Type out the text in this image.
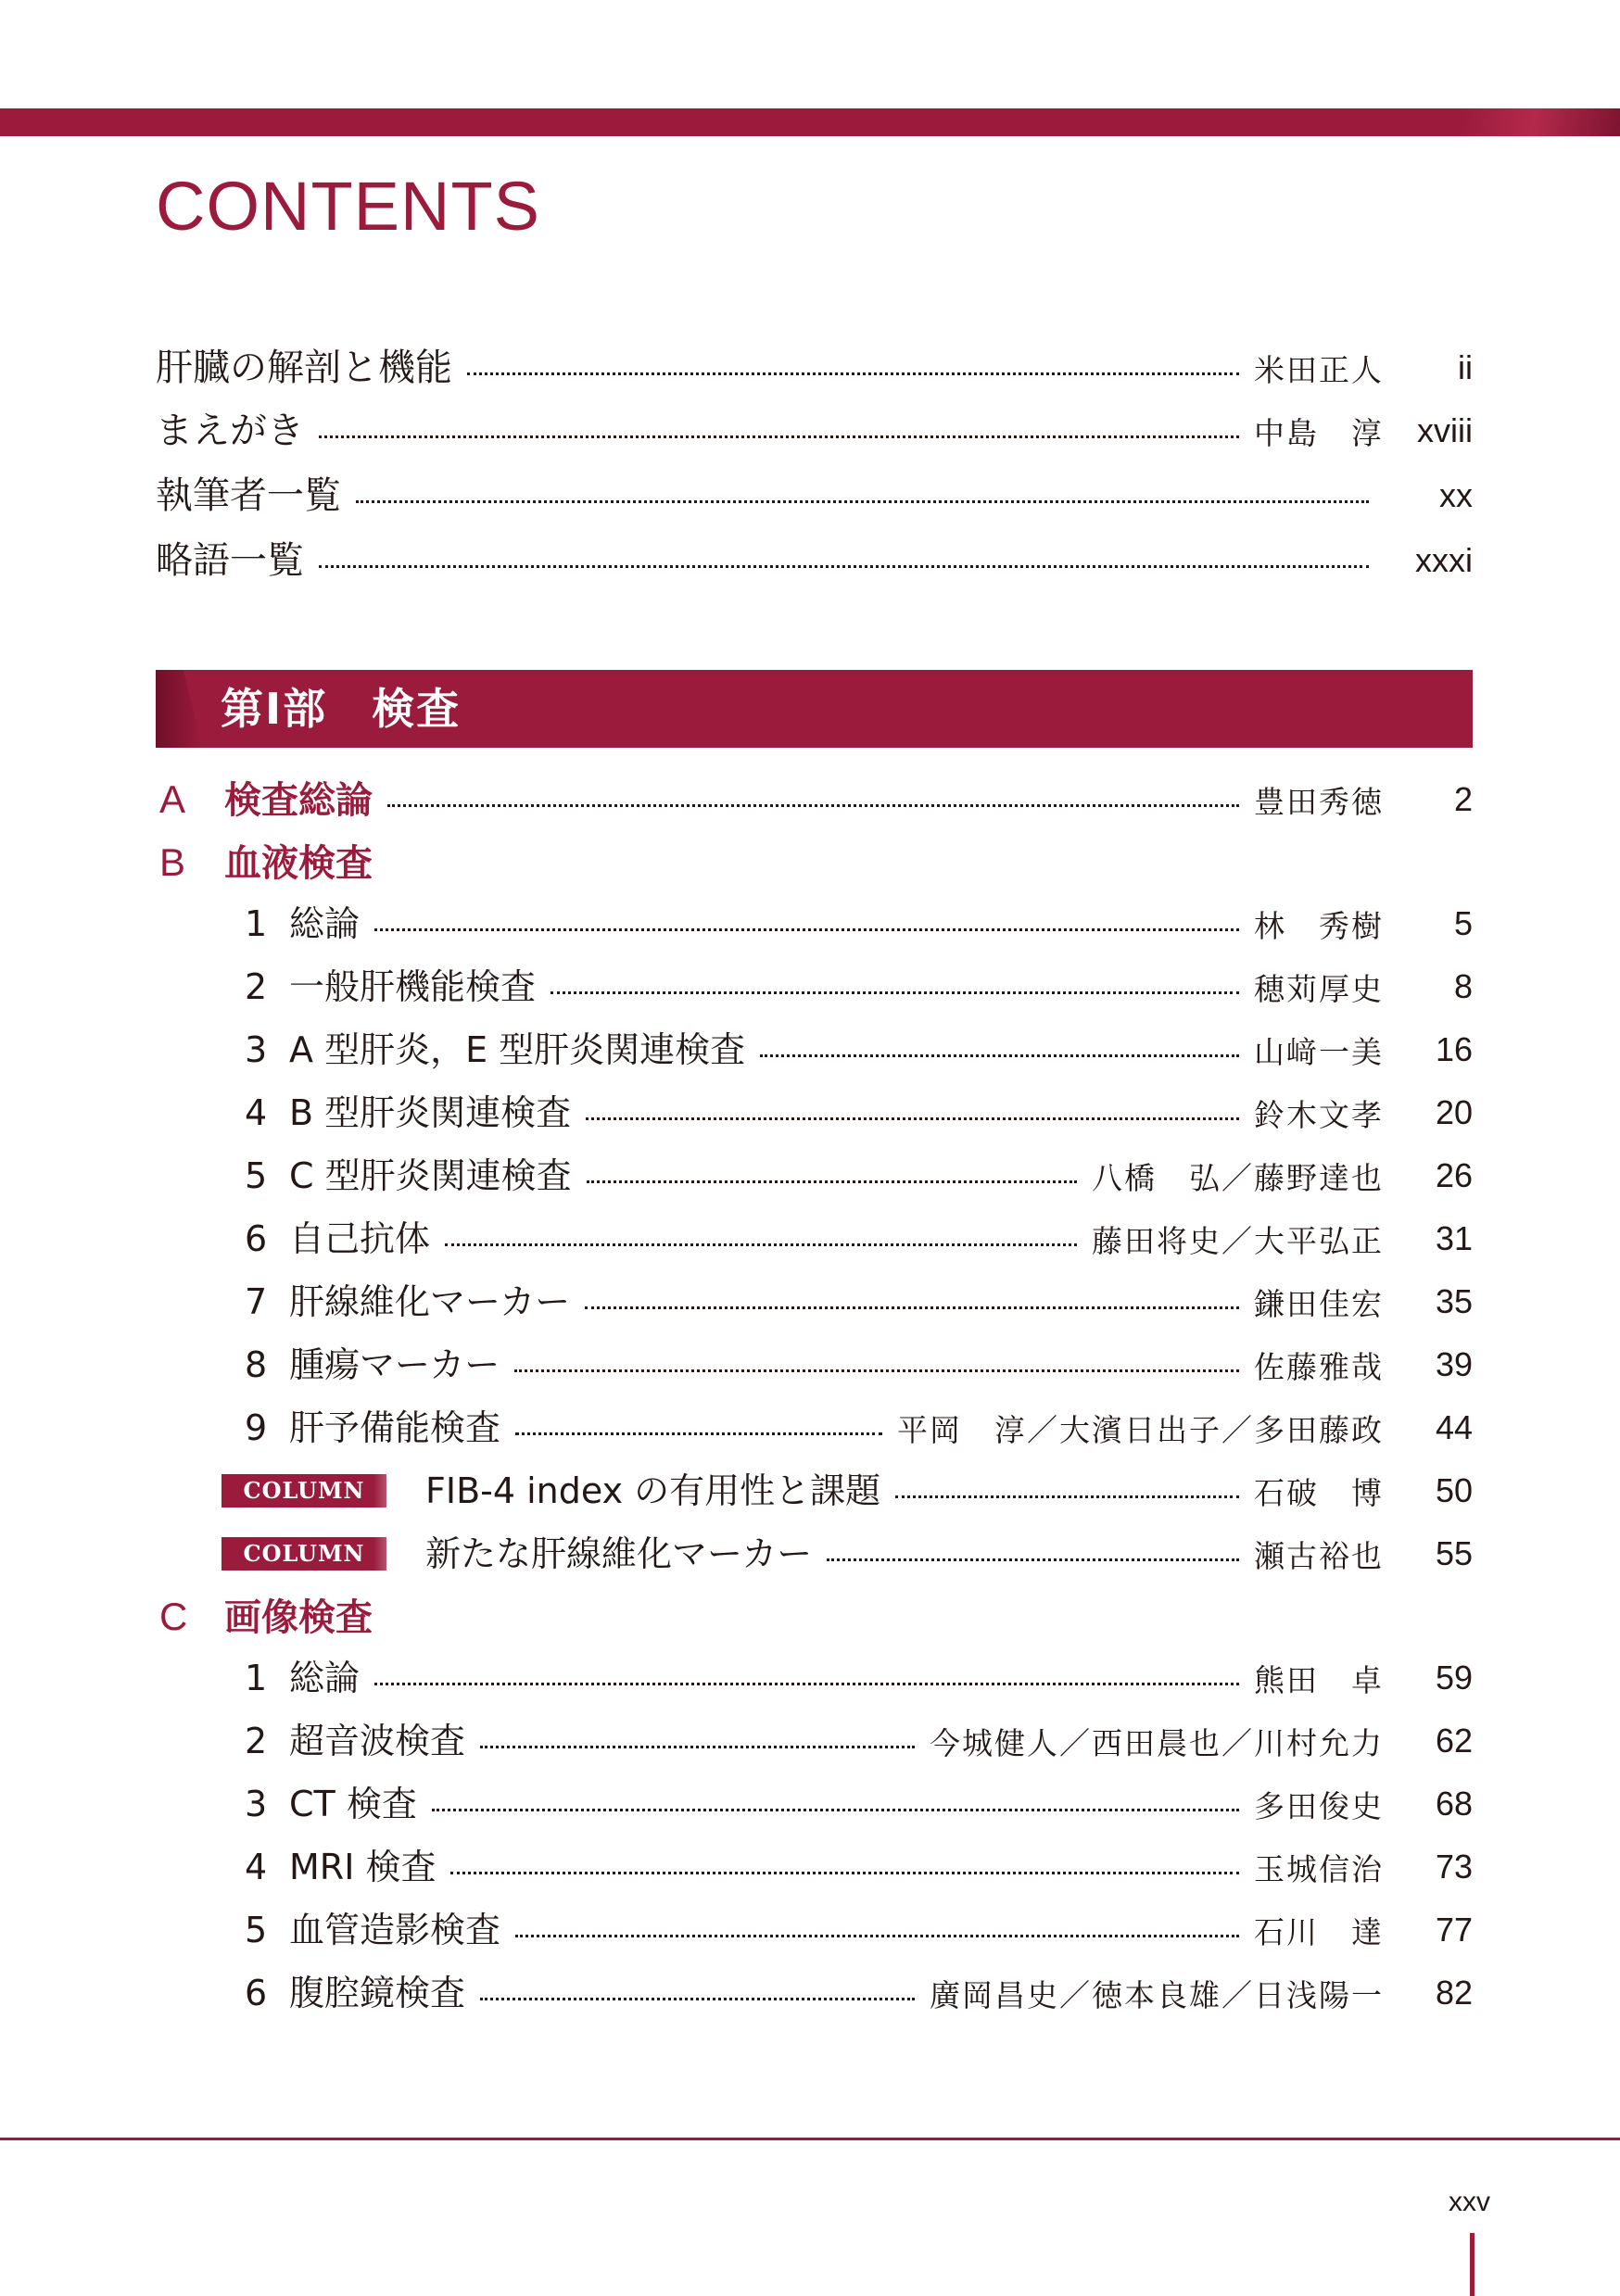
CONTENTS
肝臓の解剖と機能	米田正人	ii
まえがき	中島　淳	xviii
執筆者一覧	xx
略語一覧	xxxi
第Ⅰ部　検査
A 検査総論	豊田秀徳	2
B 血液検査
1 総論	林　秀樹	5
2 一般肝機能検査	穂苅厚史	8
3 A 型肝炎，E 型肝炎関連検査	山﨑一美	16
4 B 型肝炎関連検査	鈴木文孝	20
5 C 型肝炎関連検査	八橋　弘／藤野達也	26
6 自己抗体	藤田将史／大平弘正	31
7 肝線維化マーカー	鎌田佳宏	35
8 腫瘍マーカー	佐藤雅哉	39
9 肝予備能検査	平岡　淳／大濱日出子／多田藤政	44
COLUMN	FIB-4 index の有用性と課題	石破　博	50
COLUMN	新たな肝線維化マーカー	瀬古裕也	55
C 画像検査
1 総論	熊田　卓	59
2 超音波検査	今城健人／西田晨也／川村允力	62
3 CT 検査	多田俊史	68
4 MRI 検査	玉城信治	73
5 血管造影検査	石川　達	77
6 腹腔鏡検査	廣岡昌史／徳本良雄／日浅陽一	82
xxv
